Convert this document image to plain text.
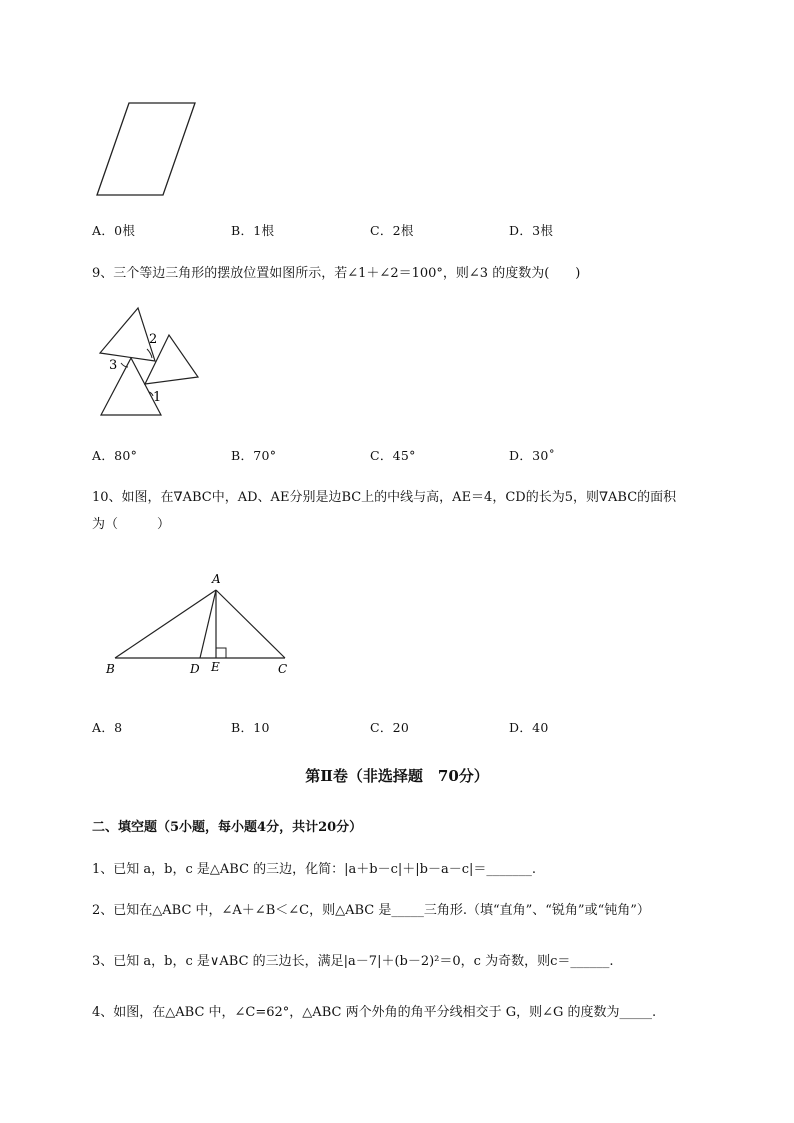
A．0根	B．1根	C．2根	D．3根
9、三个等边三角形的摆放位置如图所示，若∠1＋∠2＝100°，则∠3 的度数为(　　)
2
3
1
A．80°	B．70°	C．45°	D．30˚
10、如图，在∇ABC中，AD、AE分别是边BC上的中线与高，AE＝4，CD的长为5，则∇ABC的面积
为（　　　）
A
B	D E	C
A．8	B．10	C．20	D．40
第Ⅱ卷（非选择题　70分）
二、填空题（5小题，每小题4分，共计20分）
1、已知 a，b，c 是△ABC 的三边，化简：|a＋b－c|＋|b－a－c|＝_______.
2、已知在△ABC 中，∠A＋∠B＜∠C，则△ABC 是_____三角形.（填“直角”、“锐角”或“钝角”）
3、已知 a，b，c 是∨ABC 的三边长，满足|a－7|＋(b－2)²＝0，c 为奇数，则c＝______.
4、如图，在△ABC 中，∠C=62°，△ABC 两个外角的角平分线相交于 G，则∠G 的度数为_____.
